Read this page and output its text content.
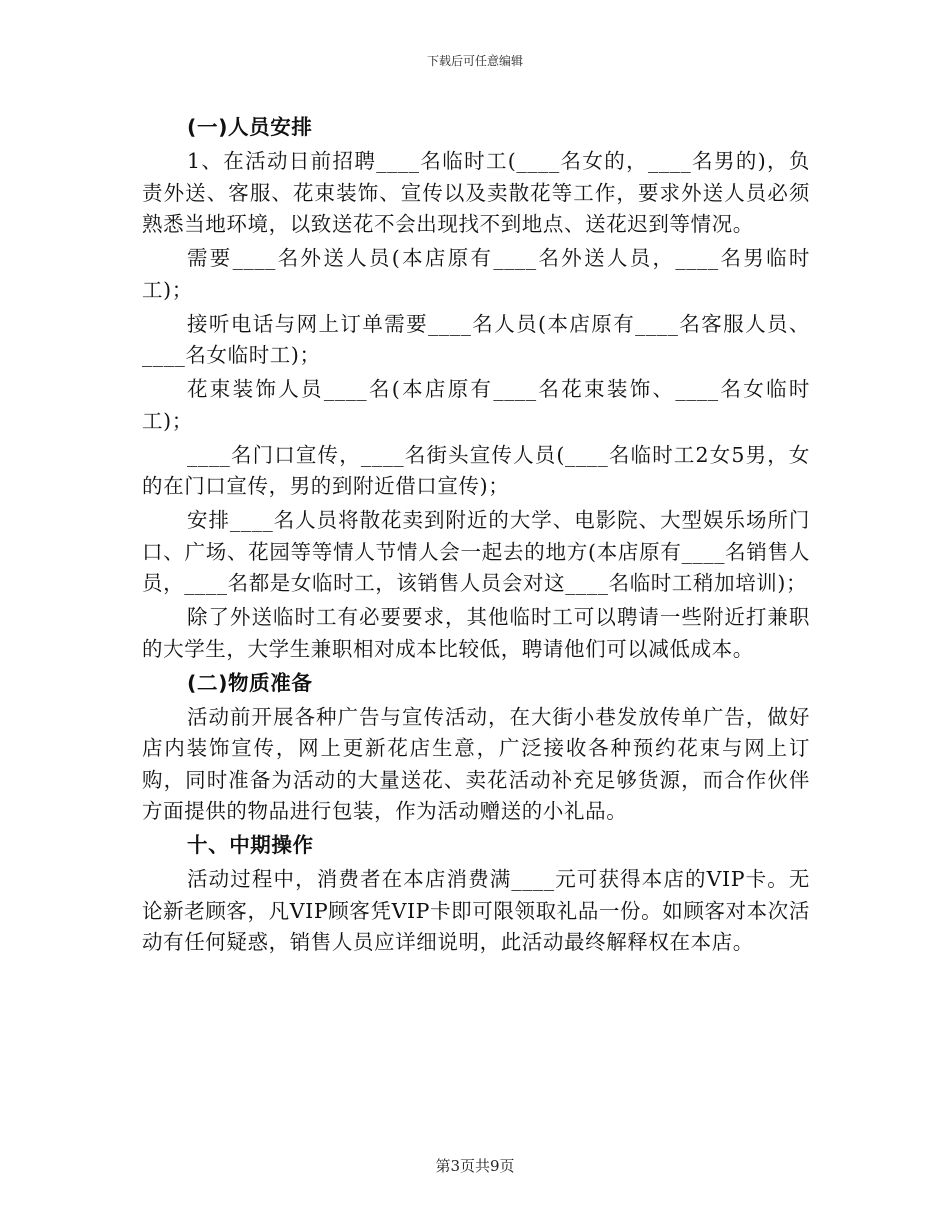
下载后可任意编辑
(一)人员安排

1、在活动日前招聘____名临时工(____名女的，____名男的)，负责外送、客服、花束装饰、宣传以及卖散花等工作，要求外送人员必须熟悉当地环境，以致送花不会出现找不到地点、送花迟到等情况。

需要____名外送人员(本店原有____名外送人员，____名男临时工)；

接听电话与网上订单需要____名人员(本店原有____名客服人员、____名女临时工)；

花束装饰人员____名(本店原有____名花束装饰、____名女临时工)；

____名门口宣传，____名街头宣传人员(____名临时工2女5男，女的在门口宣传，男的到附近借口宣传)；

安排____名人员将散花卖到附近的大学、电影院、大型娱乐场所门口、广场、花园等等情人节情人会一起去的地方(本店原有____名销售人员，____名都是女临时工，该销售人员会对这____名临时工稍加培训)；

除了外送临时工有必要要求，其他临时工可以聘请一些附近打兼职的大学生，大学生兼职相对成本比较低，聘请他们可以减低成本。

(二)物质准备

活动前开展各种广告与宣传活动，在大街小巷发放传单广告，做好店内装饰宣传，网上更新花店生意，广泛接收各种预约花束与网上订购，同时准备为活动的大量送花、卖花活动补充足够货源，而合作伙伴方面提供的物品进行包装，作为活动赠送的小礼品。

十、中期操作

活动过程中，消费者在本店消费满____元可获得本店的VIP卡。无论新老顾客，凡VIP顾客凭VIP卡即可限领取礼品一份。如顾客对本次活动有任何疑惑，销售人员应详细说明，此活动最终解释权在本店。

第3页共9页
